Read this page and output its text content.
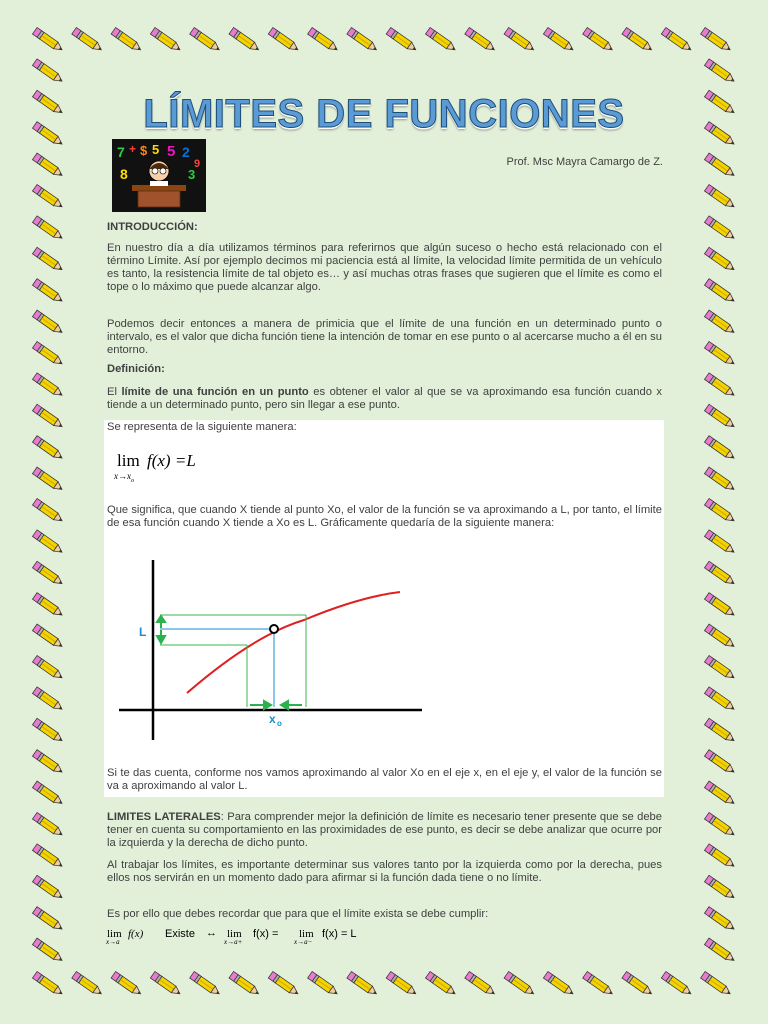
LÍMITES DE FUNCIONES
7 + $ 5 5 2
8	3
9	Prof. Msc Mayra Camargo de Z.

INTRODUCCIÓN:

En nuestro día a día utilizamos términos para referirnos que algún suceso o hecho está relacionado con el término Límite. Así por ejemplo decimos mi paciencia está al límite, la velocidad límite permitida de un vehículo es tanto, la resistencia límite de tal objeto es… y así muchas otras frases que sugieren que el límite es como el tope o lo máximo que puede alcanzar algo.

Podemos decir entonces a manera de primicia que el límite de una función en un determinado punto o intervalo, es el valor que dicha función tiene la intención de tomar en ese punto o al acercarse mucho a él en su entorno.

Definición:

El límite de una función en un punto es obtener el valor al que se va aproximando esa función cuando x tiende a un determinado punto, pero sin llegar a ese punto.

Se representa de la siguiente manera:

lim f(x) =L
$x\to x_o$

Que significa, que cuando X tiende al punto Xo, el valor de la función se va aproximando a L, por tanto, el límite de esa función cuando X tiende a Xo es L. Gráficamente quedaría de la siguiente manera:

L
x o

Si te das cuenta, conforme nos vamos aproximando al valor Xo en el eje x, en el eje y, el valor de la función se va a aproximando al valor L.

LIMITES LATERALES: Para comprender mejor la definición de límite es necesario tener presente que se debe tener en cuenta su comportamiento en las proximidades de ese punto, es decir se debe analizar que ocurre por la izquierda y la derecha de dicho punto.

Al trabajar los límites, es importante determinar sus valores tanto por la izquierda como por la derecha, pues ellos nos servirán en un momento dado para afirmar si la función dada tiene o no límite.

Es por ello que debes recordar que para que el límite exista se debe cumplir:

lim
x→a
f(x) Existe ↔ lim
x→a+
f(x) = lim
x→a−
f(x) = L
